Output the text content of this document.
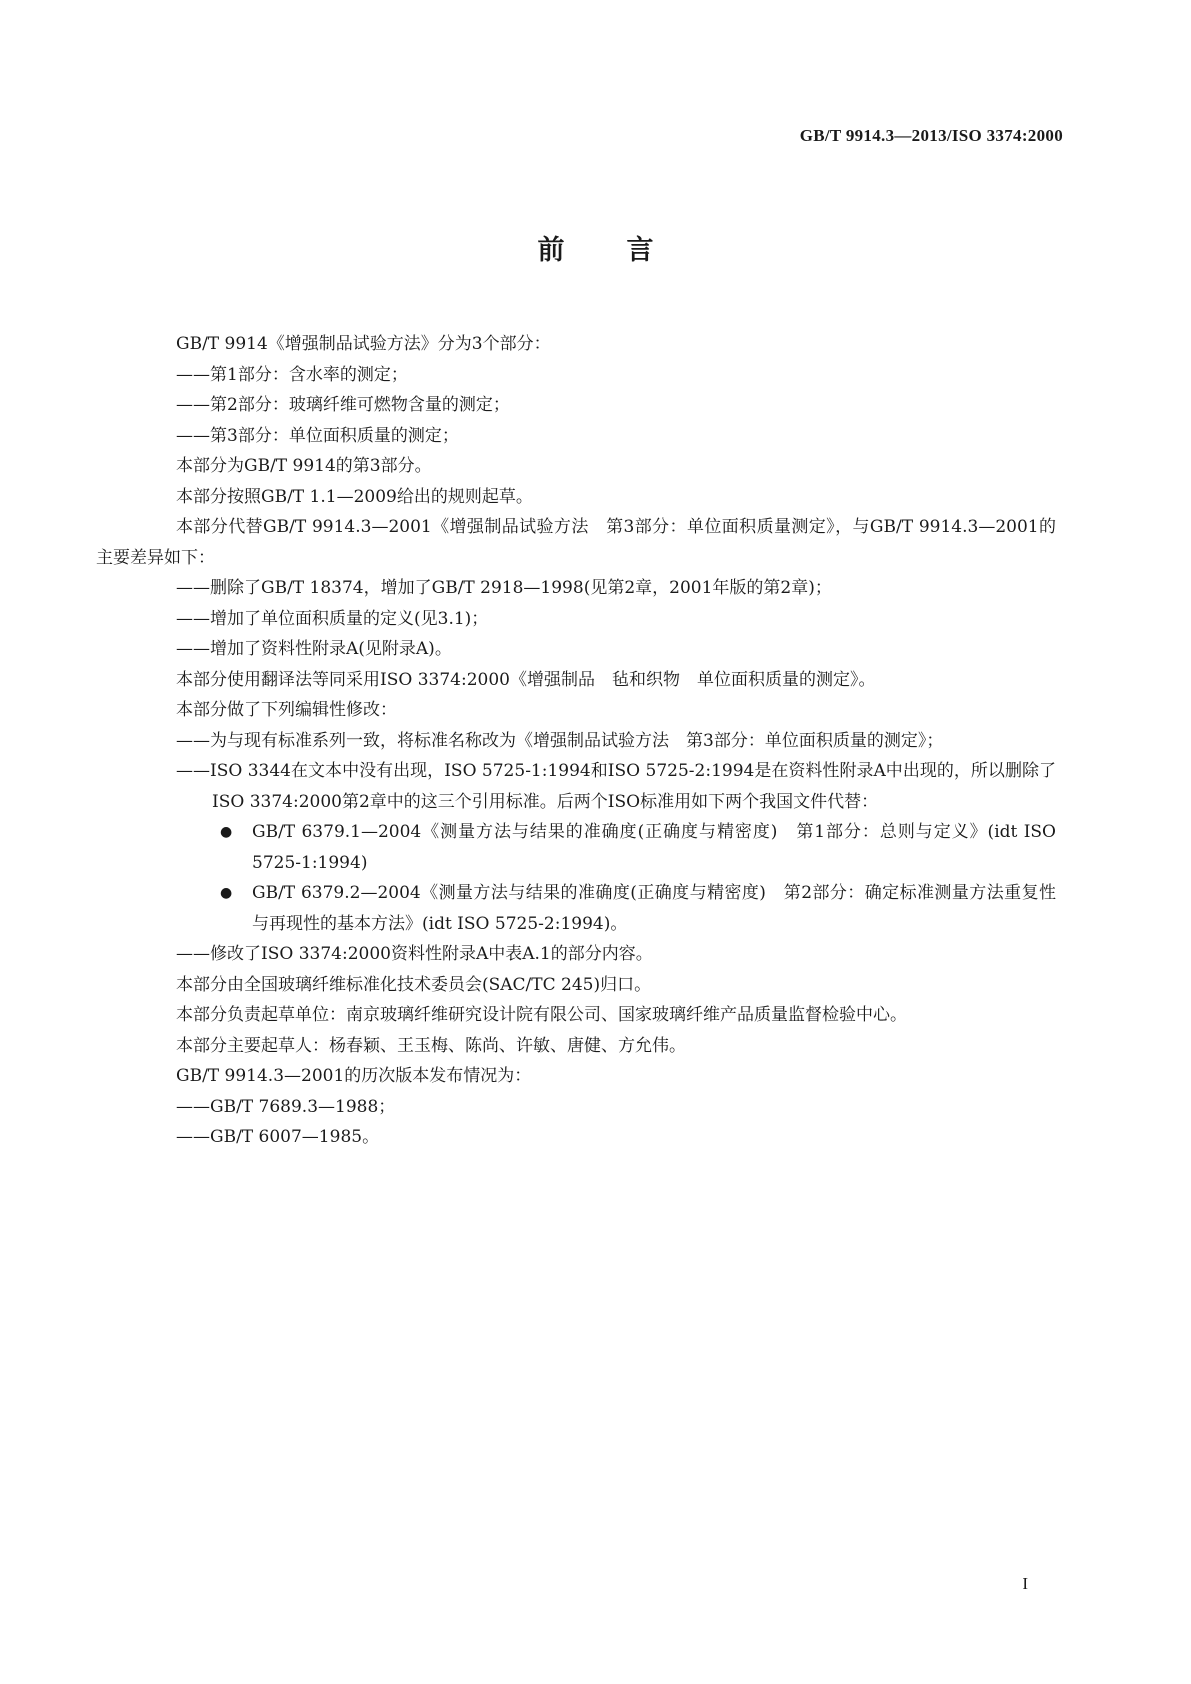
GB/T 9914.3—2013/ISO 3374:2000
前言

GB/T 9914《增强制品试验方法》分为3个部分：

——第1部分：含水率的测定；

——第2部分：玻璃纤维可燃物含量的测定；

——第3部分：单位面积质量的测定；

本部分为GB/T 9914的第3部分。

本部分按照GB/T 1.1—2009给出的规则起草。

本部分代替GB/T 9914.3—2001《增强制品试验方法　第3部分：单位面积质量测定》，与GB/T 9914.3—2001的主要差异如下：

——删除了GB/T 18374，增加了GB/T 2918—1998(见第2章，2001年版的第2章)；

——增加了单位面积质量的定义(见3.1)；

——增加了资料性附录A(见附录A)。

本部分使用翻译法等同采用ISO 3374:2000《增强制品　毡和织物　单位面积质量的测定》。

本部分做了下列编辑性修改：

——为与现有标准系列一致，将标准名称改为《增强制品试验方法　第3部分：单位面积质量的测定》；

——ISO 3344在文本中没有出现，ISO 5725-1:1994和ISO 5725-2:1994是在资料性附录A中出现的，所以删除了ISO 3374:2000第2章中的这三个引用标准。后两个ISO标准用如下两个我国文件代替：

●	GB/T 6379.1—2004《测量方法与结果的准确度(正确度与精密度)　第1部分：总则与定义》(idt ISO 5725-1:1994)
●	GB/T 6379.2—2004《测量方法与结果的准确度(正确度与精密度)　第2部分：确定标准测量方法重复性与再现性的基本方法》(idt ISO 5725-2:1994)。

——修改了ISO 3374:2000资料性附录A中表A.1的部分内容。

本部分由全国玻璃纤维标准化技术委员会(SAC/TC 245)归口。

本部分负责起草单位：南京玻璃纤维研究设计院有限公司、国家玻璃纤维产品质量监督检验中心。

本部分主要起草人：杨春颖、王玉梅、陈尚、许敏、唐健、方允伟。

GB/T 9914.3—2001的历次版本发布情况为：

——GB/T 7689.3—1988；

——GB/T 6007—1985。

I
